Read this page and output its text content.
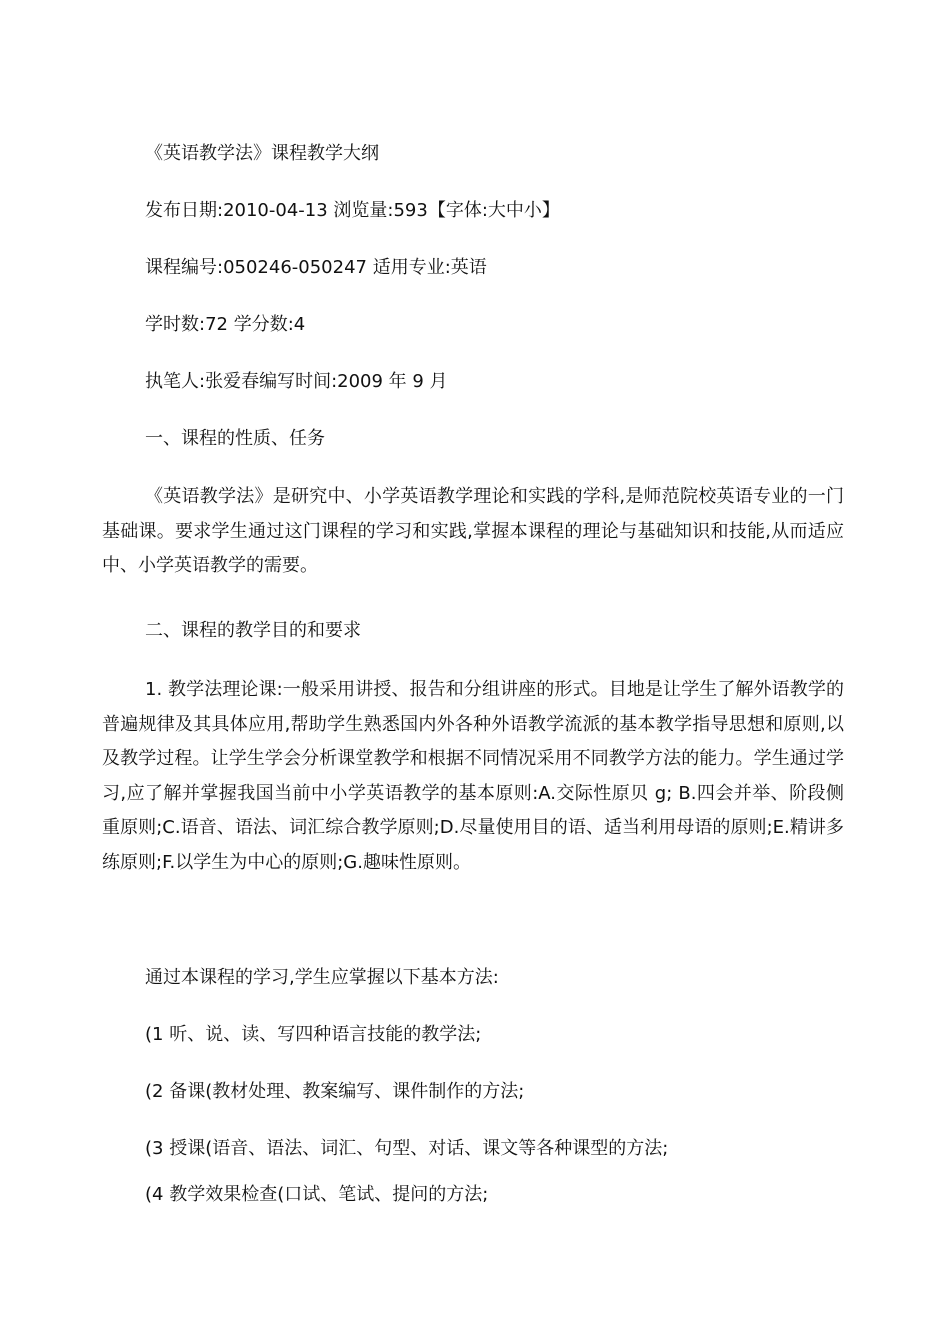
《英语教学法》课程教学大纲
发布日期:2010-04-13 浏览量:593【字体:大中小】
课程编号:050246-050247 适用专业:英语
学时数:72 学分数:4
执笔人:张爱春编写时间:2009 年 9 月
一、课程的性质、任务
《英语教学法》是研究中、小学英语教学理论和实践的学科,是师范院校英语专业的一门基础课。要求学生通过这门课程的学习和实践,掌握本课程的理论与基础知识和技能,从而适应中、小学英语教学的需要。
二、课程的教学目的和要求
1. 教学法理论课:一般采用讲授、报告和分组讲座的形式。目地是让学生了解外语教学的普遍规律及其具体应用,帮助学生熟悉国内外各种外语教学流派的基本教学指导思想和原则,以及教学过程。让学生学会分析课堂教学和根据不同情况采用不同教学方法的能力。学生通过学习,应了解并掌握我国当前中小学英语教学的基本原则:A.交际性原贝 g; B.四会并举、阶段侧重原则;C.语音、语法、词汇综合教学原则;D.尽量使用目的语、适当利用母语的原则;E.精讲多练原则;F.以学生为中心的原则;G.趣味性原则。
通过本课程的学习,学生应掌握以下基本方法:
(1 听、说、读、写四种语言技能的教学法;
(2 备课(教材处理、教案编写、课件制作的方法;
(3 授课(语音、语法、词汇、句型、对话、课文等各种课型的方法;
(4 教学效果检查(口试、笔试、提问的方法;
